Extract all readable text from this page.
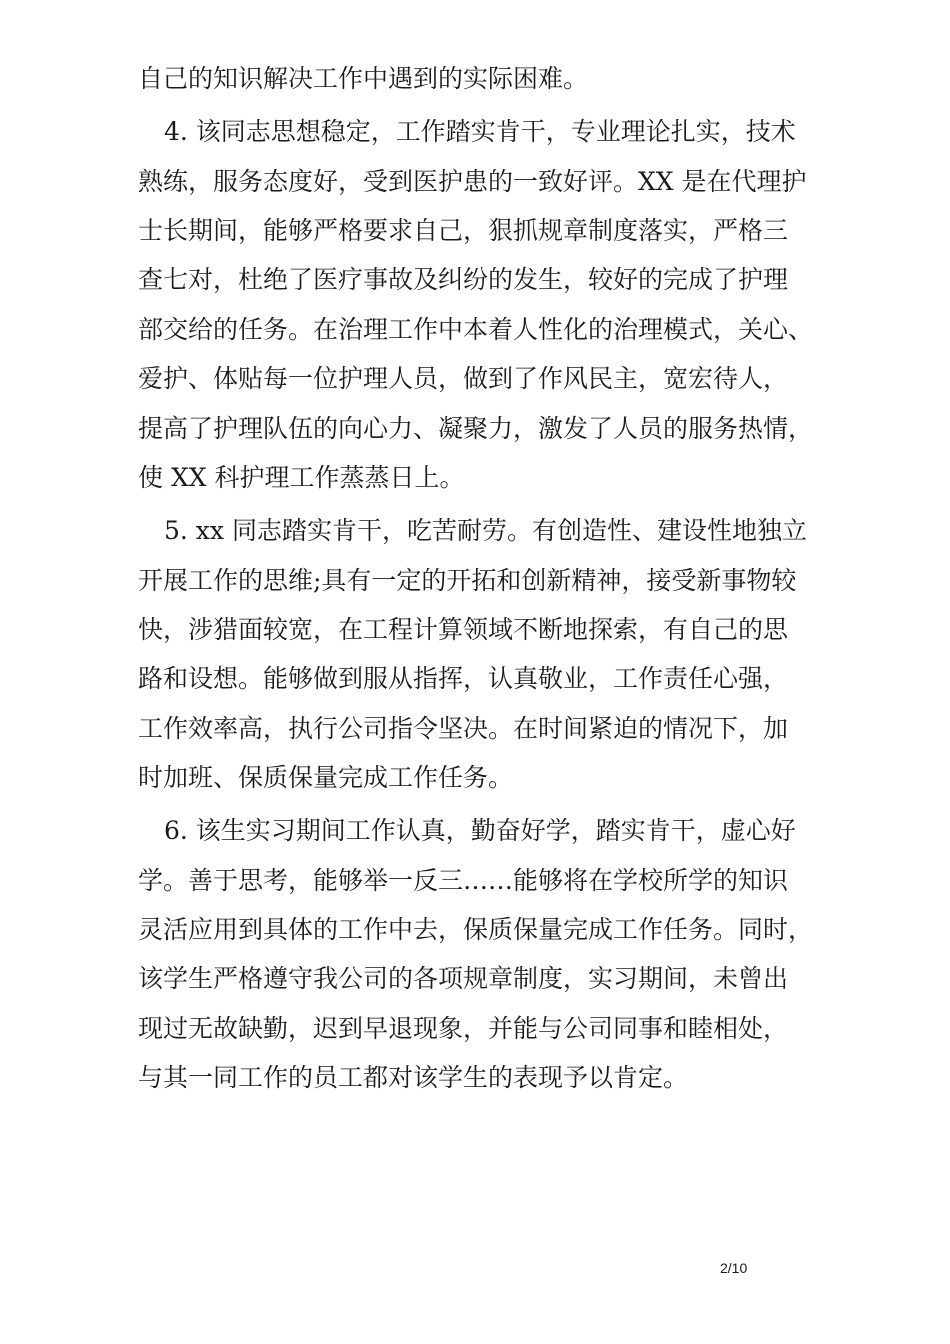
自己的知识解决工作中遇到的实际困难。
4. 该同志思想稳定，工作踏实肯干，专业理论扎实，技术
熟练，服务态度好，受到医护患的一致好评。XX 是在代理护
士长期间，能够严格要求自己，狠抓规章制度落实，严格三
查七对，杜绝了医疗事故及纠纷的发生，较好的完成了护理
部交给的任务。在治理工作中本着人性化的治理模式，关心、
爱护、体贴每一位护理人员，做到了作风民主，宽宏待人，
提高了护理队伍的向心力、凝聚力，激发了人员的服务热情，
使 XX 科护理工作蒸蒸日上。
5. xx 同志踏实肯干，吃苦耐劳。有创造性、建设性地独立
开展工作的思维;具有一定的开拓和创新精神，接受新事物较
快，涉猎面较宽，在工程计算领域不断地探索，有自己的思
路和设想。能够做到服从指挥，认真敬业，工作责任心强，
工作效率高，执行公司指令坚决。在时间紧迫的情况下，加
时加班、保质保量完成工作任务。
6. 该生实习期间工作认真，勤奋好学，踏实肯干，虚心好
学。善于思考，能够举一反三……能够将在学校所学的知识
灵活应用到具体的工作中去，保质保量完成工作任务。同时，
该学生严格遵守我公司的各项规章制度，实习期间，未曾出
现过无故缺勤，迟到早退现象，并能与公司同事和睦相处，
与其一同工作的员工都对该学生的表现予以肯定。
2/10
